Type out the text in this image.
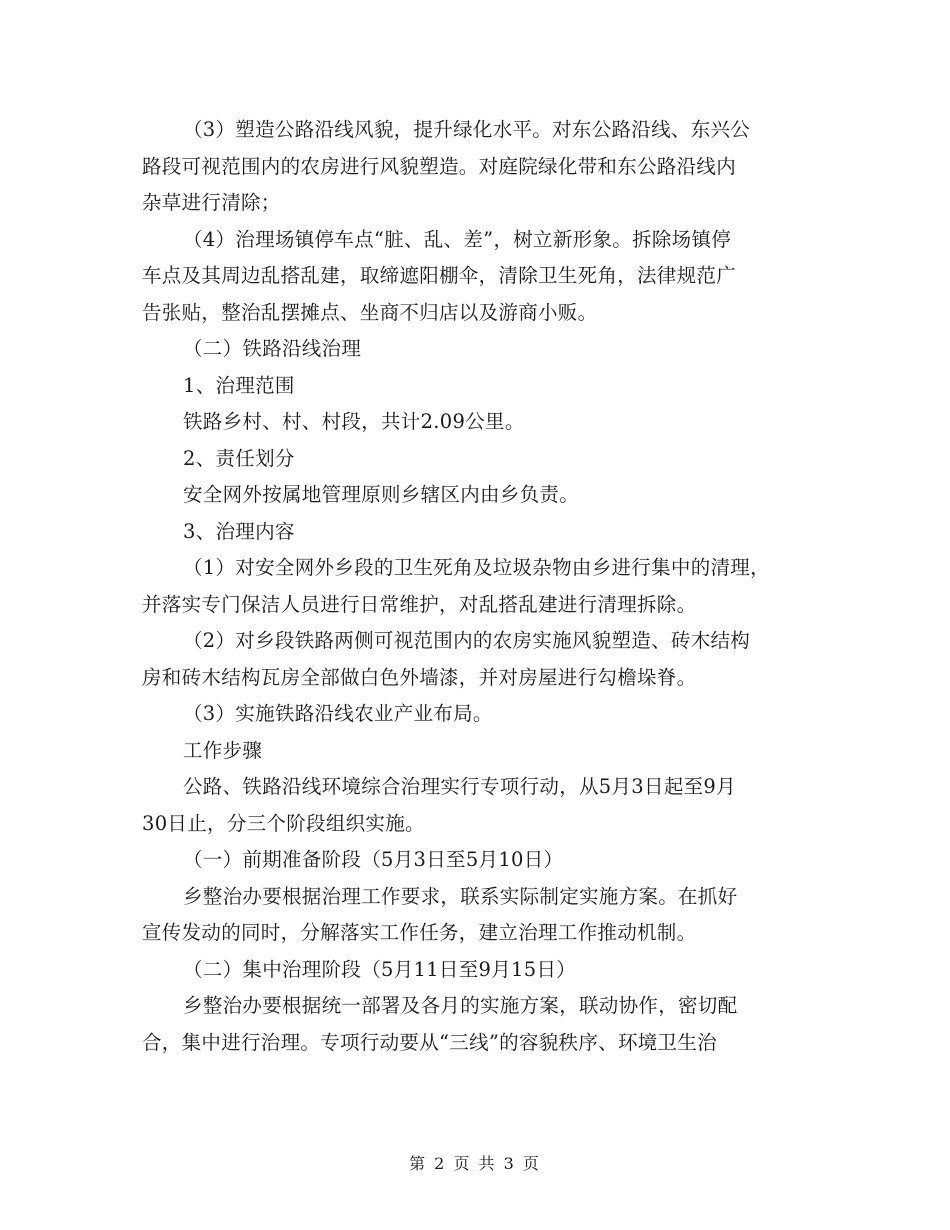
（3）塑造公路沿线风貌，提升绿化水平。对东公路沿线、东兴公
路段可视范围内的农房进行风貌塑造。对庭院绿化带和东公路沿线内
杂草进行清除；
（4）治理场镇停车点“脏、乱、差”，树立新形象。拆除场镇停
车点及其周边乱搭乱建，取缔遮阳棚伞，清除卫生死角，法律规范广
告张贴，整治乱摆摊点、坐商不归店以及游商小贩。
（二）铁路沿线治理
1、治理范围
铁路乡村、村、村段，共计2.09公里。
2、责任划分
安全网外按属地管理原则乡辖区内由乡负责。
3、治理内容
（1）对安全网外乡段的卫生死角及垃圾杂物由乡进行集中的清理，
并落实专门保洁人员进行日常维护，对乱搭乱建进行清理拆除。
（2）对乡段铁路两侧可视范围内的农房实施风貌塑造、砖木结构
房和砖木结构瓦房全部做白色外墙漆，并对房屋进行勾檐垛脊。
（3）实施铁路沿线农业产业布局。
工作步骤
公路、铁路沿线环境综合治理实行专项行动，从5月3日起至9月
30日止，分三个阶段组织实施。
（一）前期准备阶段（5月3日至5月10日）
乡整治办要根据治理工作要求，联系实际制定实施方案。在抓好
宣传发动的同时，分解落实工作任务，建立治理工作推动机制。
（二）集中治理阶段（5月11日至9月15日）
乡整治办要根据统一部署及各月的实施方案，联动协作，密切配
合，集中进行治理。专项行动要从“三线”的容貌秩序、环境卫生治
第 2 页 共 3 页
